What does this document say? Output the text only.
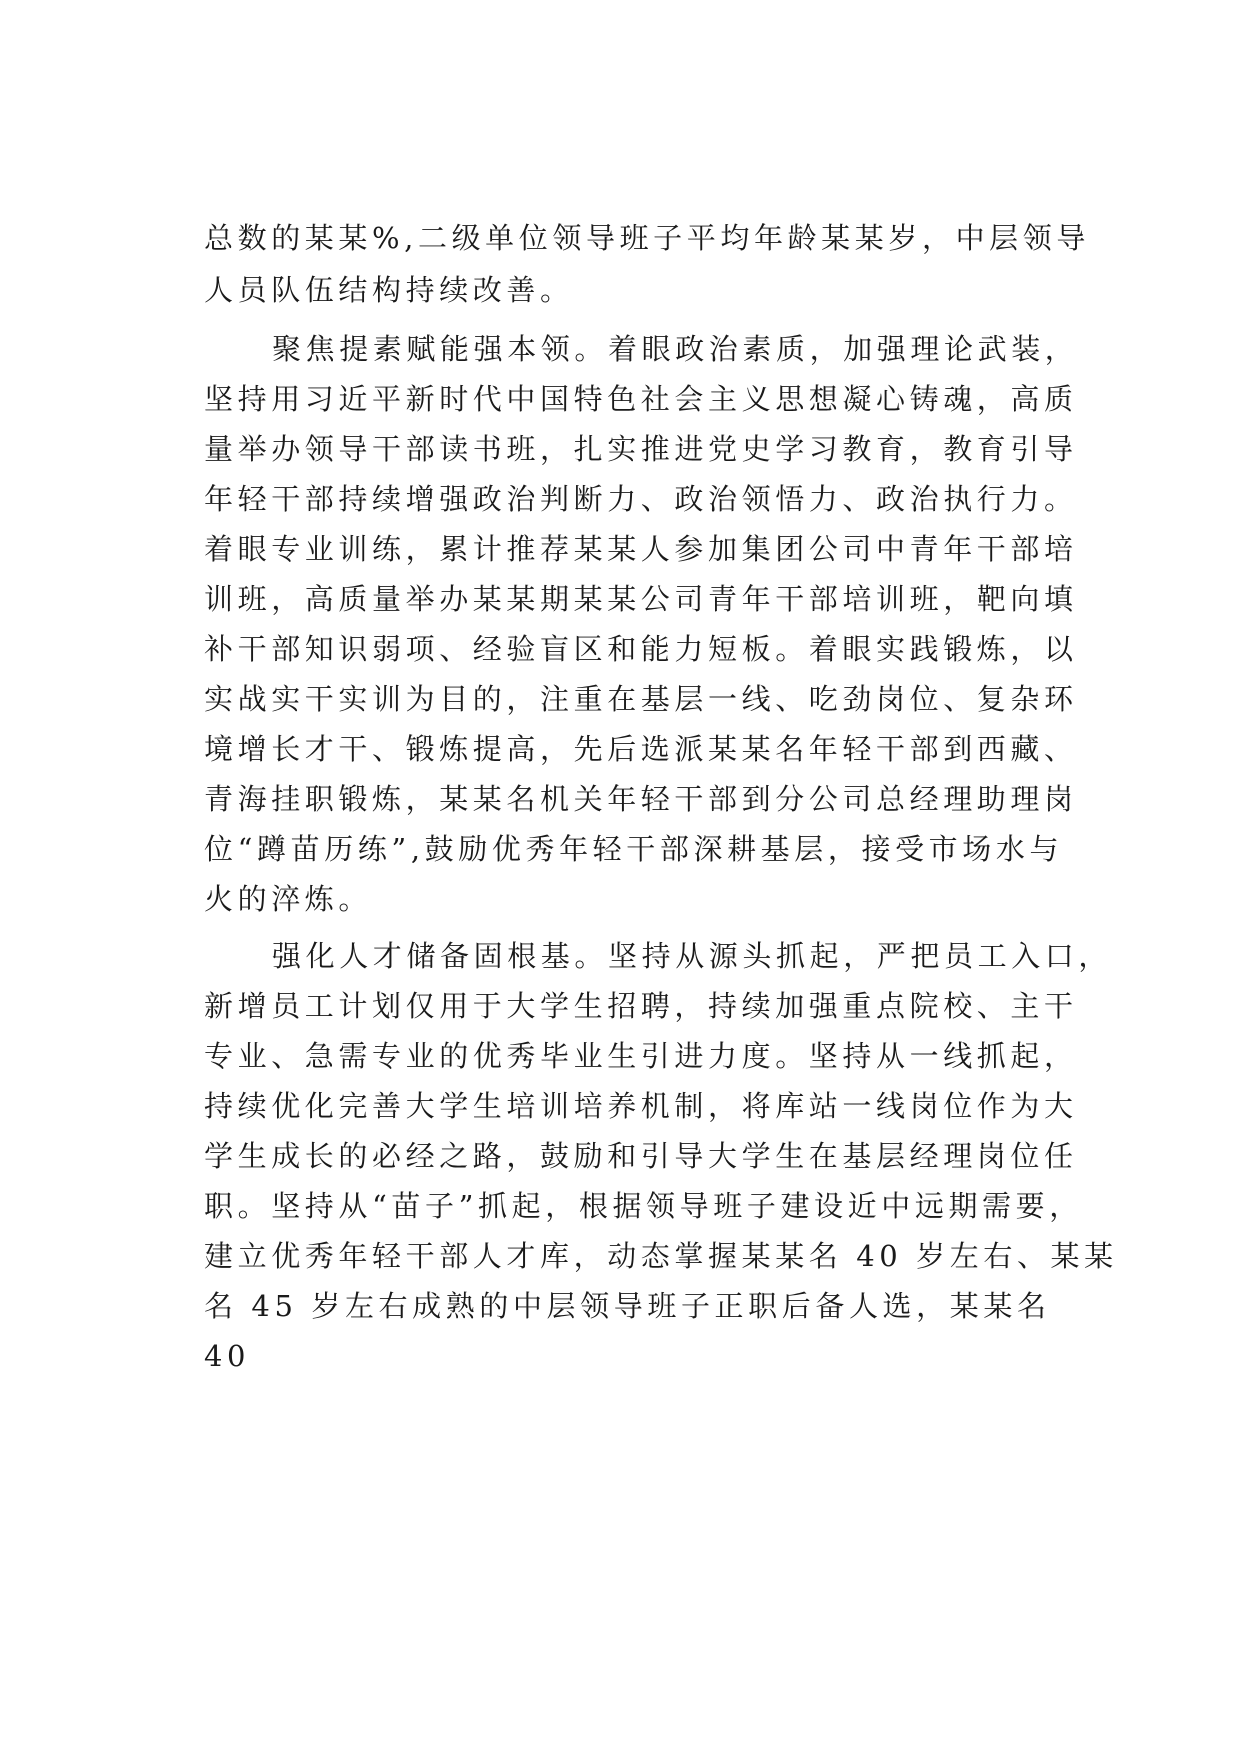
总数的某某%,二级单位领导班子平均年龄某某岁，中层领导
人员队伍结构持续改善。
聚焦提素赋能强本领。着眼政治素质，加强理论武装，
坚持用习近平新时代中国特色社会主义思想凝心铸魂，高质
量举办领导干部读书班，扎实推进党史学习教育，教育引导
年轻干部持续增强政治判断力、政治领悟力、政治执行力。
着眼专业训练，累计推荐某某人参加集团公司中青年干部培
训班，高质量举办某某期某某公司青年干部培训班，靶向填
补干部知识弱项、经验盲区和能力短板。着眼实践锻炼，以
实战实干实训为目的，注重在基层一线、吃劲岗位、复杂环
境增长才干、锻炼提高，先后选派某某名年轻干部到西藏、
青海挂职锻炼，某某名机关年轻干部到分公司总经理助理岗
位“蹲苗历练”,鼓励优秀年轻干部深耕基层，接受市场水与
火的淬炼。
强化人才储备固根基。坚持从源头抓起，严把员工入口，
新增员工计划仅用于大学生招聘，持续加强重点院校、主干
专业、急需专业的优秀毕业生引进力度。坚持从一线抓起，
持续优化完善大学生培训培养机制，将库站一线岗位作为大
学生成长的必经之路，鼓励和引导大学生在基层经理岗位任
职。坚持从“苗子”抓起，根据领导班子建设近中远期需要，
建立优秀年轻干部人才库，动态掌握某某名 40 岁左右、某某
名 45 岁左右成熟的中层领导班子正职后备人选，某某名
40
